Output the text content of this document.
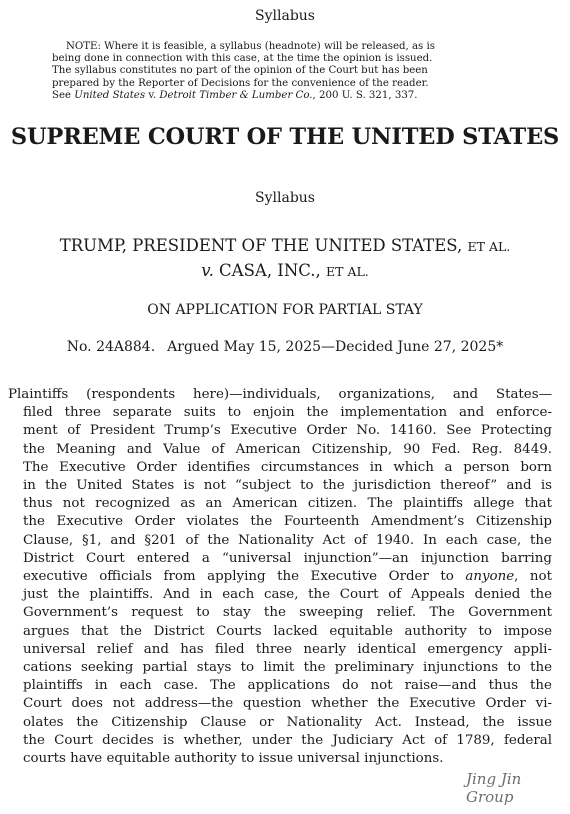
Syllabus
NOTE: Where it is feasible, a syllabus (headnote) will be released, as is
being done in connection with this case, at the time the opinion is issued.
The syllabus constitutes no part of the opinion of the Court but has been
prepared by the Reporter of Decisions for the convenience of the reader.
See United States v. Detroit Timber & Lumber Co., 200 U. S. 321, 337.
SUPREME COURT OF THE UNITED STATES
Syllabus
TRUMP, PRESIDENT OF THE UNITED STATES, ET AL.
v. CASA, INC., ET AL.
ON APPLICATION FOR PARTIAL STAY
No. 24A884. Argued May 15, 2025—Decided June 27, 2025*
Plaintiffs (respondents here)—individuals, organizations, and States—
filed three separate suits to enjoin the implementation and enforce-
ment of President Trump’s Executive Order No. 14160. See Protecting
the Meaning and Value of American Citizenship, 90 Fed. Reg. 8449.
The Executive Order identifies circumstances in which a person born
in the United States is not “subject to the jurisdiction thereof” and is
thus not recognized as an American citizen. The plaintiffs allege that
the Executive Order violates the Fourteenth Amendment’s Citizenship
Clause, §1, and §201 of the Nationality Act of 1940. In each case, the
District Court entered a “universal injunction”—an injunction barring
executive officials from applying the Executive Order to anyone, not
just the plaintiffs. And in each case, the Court of Appeals denied the
Government’s request to stay the sweeping relief. The Government
argues that the District Courts lacked equitable authority to impose
universal relief and has filed three nearly identical emergency appli-
cations seeking partial stays to limit the preliminary injunctions to the
plaintiffs in each case. The applications do not raise—and thus the
Court does not address—the question whether the Executive Order vi-
olates the Citizenship Clause or Nationality Act. Instead, the issue
the Court decides is whether, under the Judiciary Act of 1789, federal
courts have equitable authority to issue universal injunctions.
Jing Jin Group
